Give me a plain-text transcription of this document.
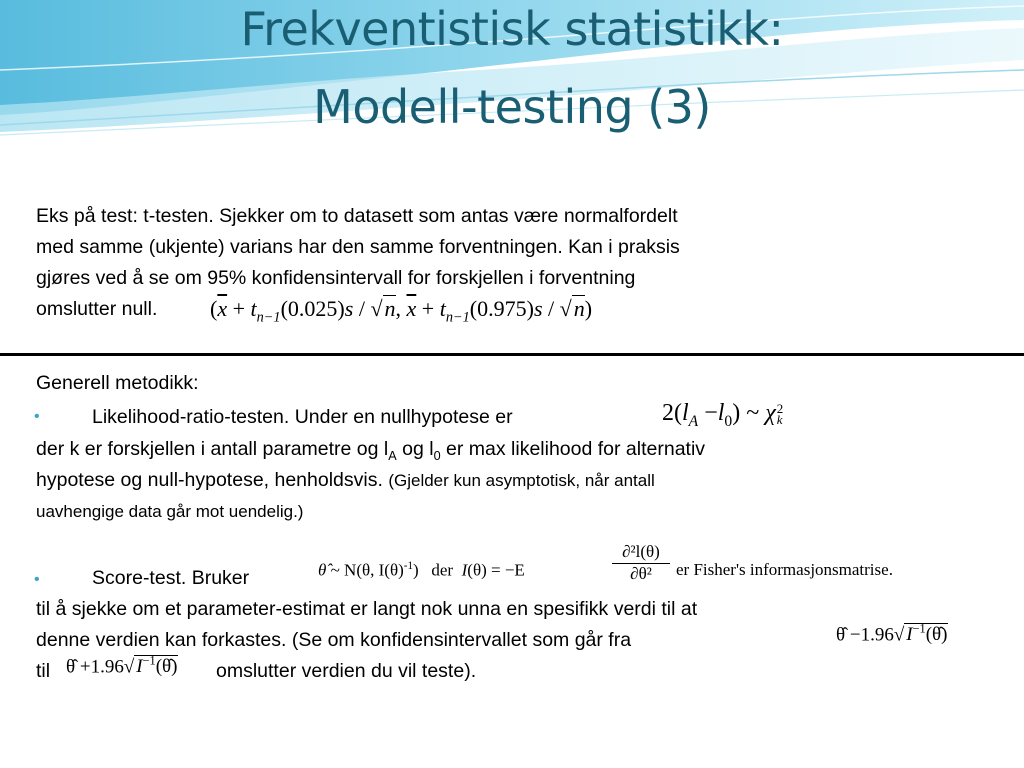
Frekventistisk statistikk:
Modell-testing (3)
Eks på test: t-testen. Sjekker om to datasett som antas være normalfordelt
med samme (ukjente) varians har den samme forventningen. Kan i praksis
gjøres ved å se om 95% konfidensintervall for forskjellen i forventning
omslutter null. ($\overline{x} + t_{n-1}(0.025)s / √n$, $\overline{x} + t_{n-1}(0.975)s / √n$)
Generell metodikk:
•	Likelihood-ratio-testen. Under en nullhypotese er	$2(l_A -l_0)$ ~ χ2
k
der k er forskjellen i antall parametre og $l_A$ og $l_0$ er max likelihood for alternativ
hypotese og null-hypotese, henholdsvis. (Gjelder kun asymptotisk, når antall
uavhengige data går mot uendelig.)
•	Score-test. Bruker	θ̂ ~ N(θ, $I(\theta)^{-1}$) der I(θ) = −E	$\frac{\text{∂²l(θ)}}{\text{∂θ²}}$ er Fisher's informasjonsmatrise.
til å sjekke om et parameter-estimat er langt nok unna en spesifikk verdi til at
denne verdien kan forkastes. (Se om konfidensintervallet som går fra	θ̂ −1.96√ $I^{-1}(\thetâ)$
til θ̂ +1.96√ $I^{-1}(\thetâ)$ omslutter verdien du vil teste).
